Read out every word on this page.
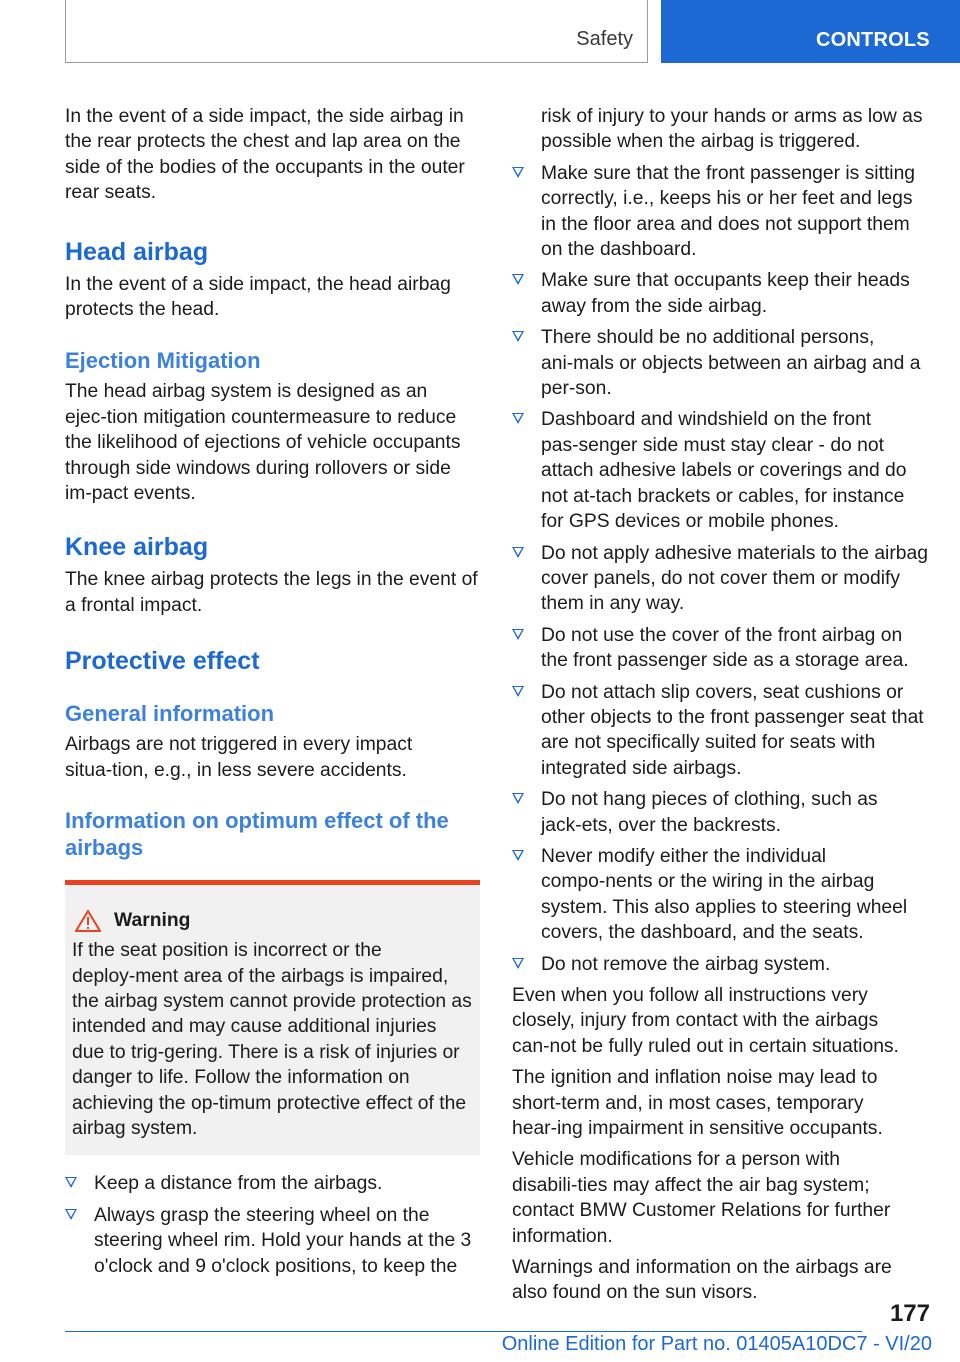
Safety	CONTROLS

In the event of a side impact, the side airbag in the rear protects the chest and lap area on the side of the bodies of the occupants in the outer rear seats.

Head airbag

In the event of a side impact, the head airbag protects the head.

Ejection Mitigation

The head airbag system is designed as an ejec‑tion mitigation countermeasure to reduce the likelihood of ejections of vehicle occupants through side windows during rollovers or side im‑pact events.

Knee airbag

The knee airbag protects the legs in the event of a frontal impact.

Protective effect
General information

Airbags are not triggered in every impact situa‑tion, e.g., in less severe accidents.

Information on optimum effect of the airbags
Warning

If the seat position is incorrect or the deploy‑ment area of the airbags is impaired, the airbag system cannot provide protection as intended and may cause additional injuries due to trig‑gering. There is a risk of injuries or danger to life. Follow the information on achieving the op‑timum protective effect of the airbag system.

Keep a distance from the airbags.
Always grasp the steering wheel on the steering wheel rim. Hold your hands at the 3 o'clock and 9 o'clock positions, to keep the

risk of injury to your hands or arms as low as possible when the airbag is triggered.

Make sure that the front passenger is sitting correctly, i.e., keeps his or her feet and legs in the floor area and does not support them on the dashboard.
Make sure that occupants keep their heads away from the side airbag.
There should be no additional persons, ani‑mals or objects between an airbag and a per‑son.
Dashboard and windshield on the front pas‑senger side must stay clear - do not attach adhesive labels or coverings and do not at‑tach brackets or cables, for instance for GPS devices or mobile phones.
Do not apply adhesive materials to the airbag cover panels, do not cover them or modify them in any way.
Do not use the cover of the front airbag on the front passenger side as a storage area.
Do not attach slip covers, seat cushions or other objects to the front passenger seat that are not specifically suited for seats with integrated side airbags.
Do not hang pieces of clothing, such as jack‑ets, over the backrests.
Never modify either the individual compo‑nents or the wiring in the airbag system. This also applies to steering wheel covers, the dashboard, and the seats.
Do not remove the airbag system.

Even when you follow all instructions very closely, injury from contact with the airbags can‑not be fully ruled out in certain situations.

The ignition and inflation noise may lead to short-term and, in most cases, temporary hear‑ing impairment in sensitive occupants.

Vehicle modifications for a person with disabili‑ties may affect the air bag system; contact BMW Customer Relations for further information.

Warnings and information on the airbags are also found on the sun visors.

177
Online Edition for Part no. 01405A10DC7 - VI/20
